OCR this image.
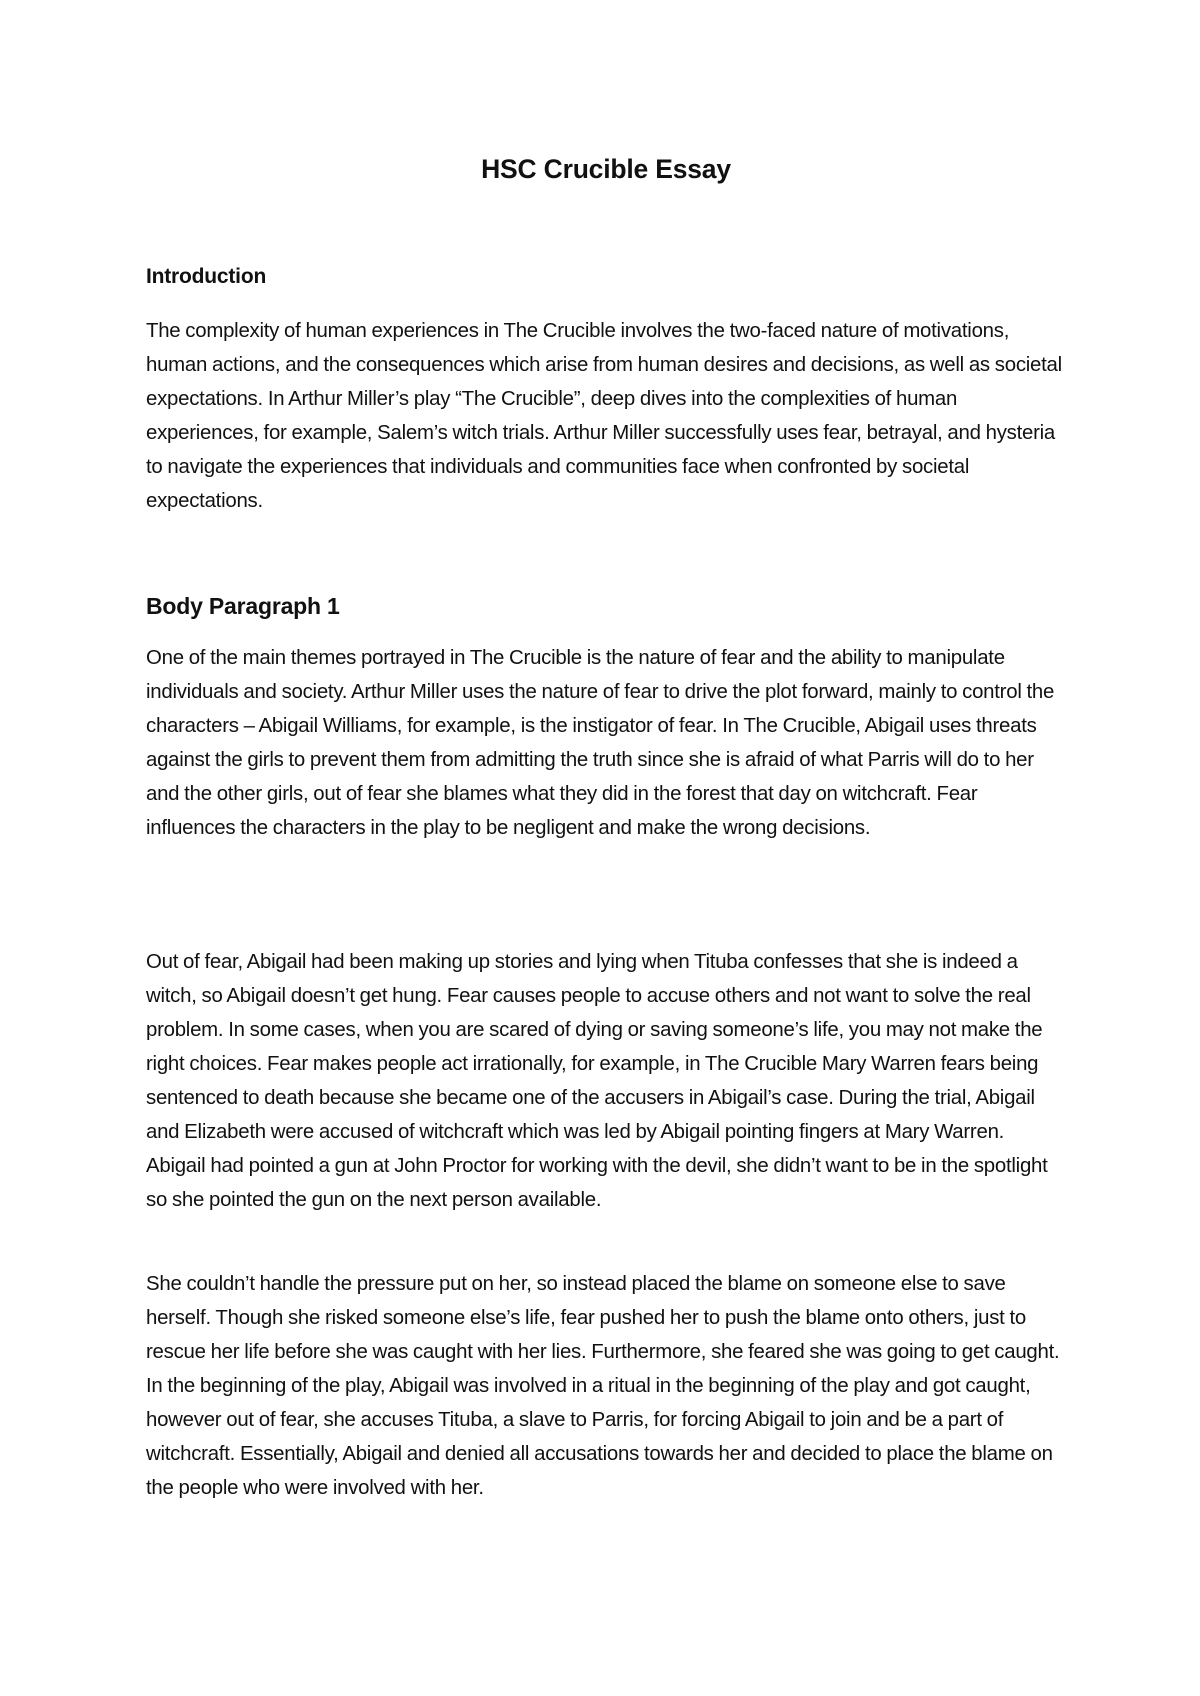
HSC Crucible Essay
Introduction

The complexity of human experiences in The Crucible involves the two-faced nature of motivations, human actions, and the consequences which arise from human desires and decisions, as well as societal expectations. In Arthur Miller’s play “The Crucible”, deep dives into the complexities of human experiences, for example, Salem’s witch trials. Arthur Miller successfully uses fear, betrayal, and hysteria to navigate the experiences that individuals and communities face when confronted by societal expectations.

Body Paragraph 1

One of the main themes portrayed in The Crucible is the nature of fear and the ability to manipulate individuals and society. Arthur Miller uses the nature of fear to drive the plot forward, mainly to control the characters – Abigail Williams, for example, is the instigator of fear. In The Crucible, Abigail uses threats against the girls to prevent them from admitting the truth since she is afraid of what Parris will do to her and the other girls, out of fear she blames what they did in the forest that day on witchcraft. Fear influences the characters in the play to be negligent and make the wrong decisions.

Out of fear, Abigail had been making up stories and lying when Tituba confesses that she is indeed a witch, so Abigail doesn’t get hung. Fear causes people to accuse others and not want to solve the real problem. In some cases, when you are scared of dying or saving someone’s life, you may not make the right choices. Fear makes people act irrationally, for example, in The Crucible Mary Warren fears being sentenced to death because she became one of the accusers in Abigail’s case. During the trial, Abigail and Elizabeth were accused of witchcraft which was led by Abigail pointing fingers at Mary Warren. Abigail had pointed a gun at John Proctor for working with the devil, she didn’t want to be in the spotlight so she pointed the gun on the next person available.

She couldn’t handle the pressure put on her, so instead placed the blame on someone else to save herself. Though she risked someone else’s life, fear pushed her to push the blame onto others, just to rescue her life before she was caught with her lies. Furthermore, she feared she was going to get caught. In the beginning of the play, Abigail was involved in a ritual in the beginning of the play and got caught, however out of fear, she accuses Tituba, a slave to Parris, for forcing Abigail to join and be a part of witchcraft. Essentially, Abigail and denied all accusations towards her and decided to place the blame on the people who were involved with her.
